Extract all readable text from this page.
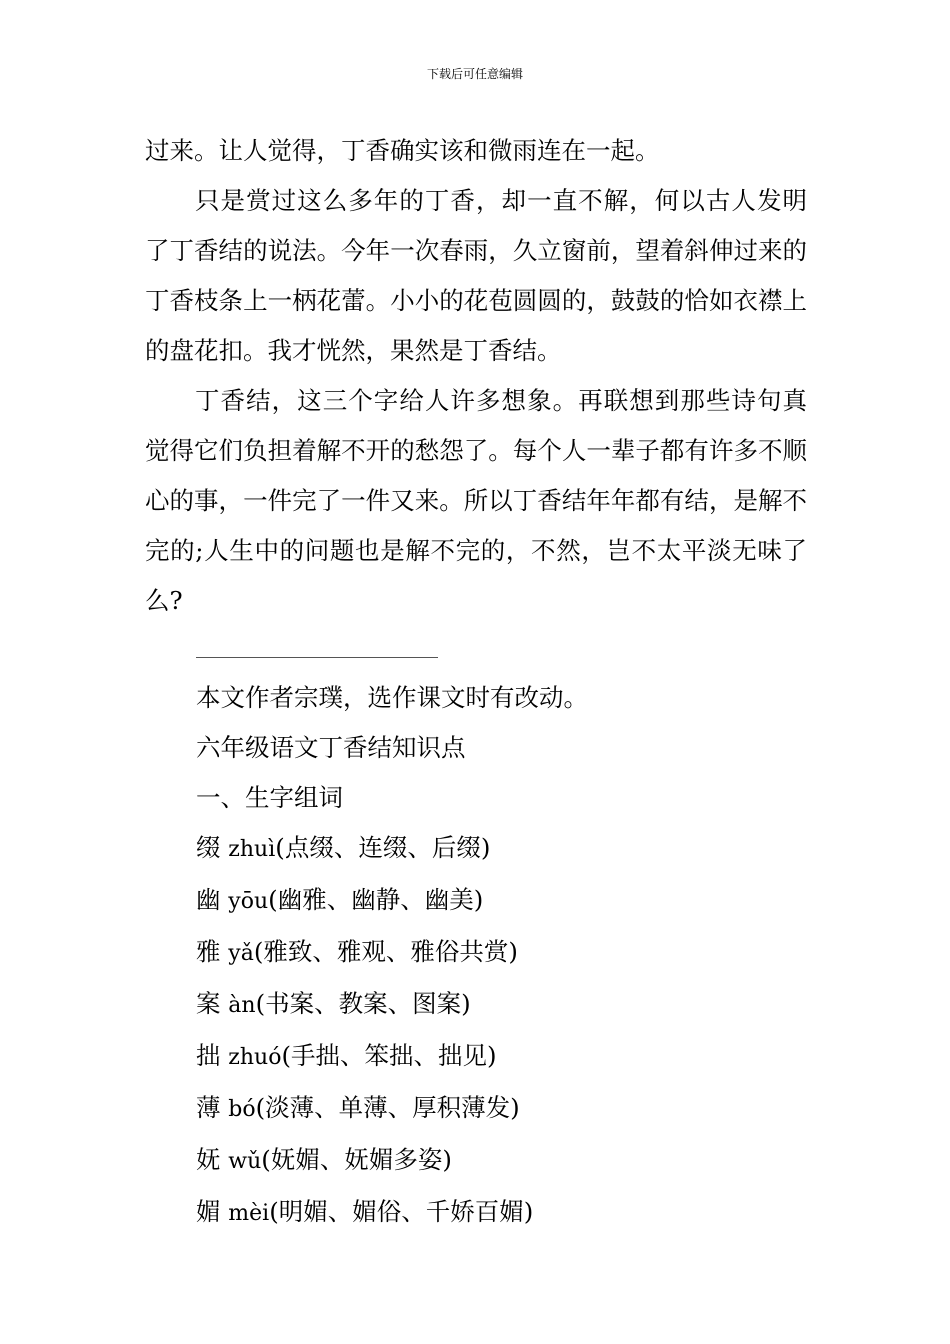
下载后可任意编辑

过来。让人觉得，丁香确实该和微雨连在一起。

只是赏过这么多年的丁香，却一直不解，何以古人发明了丁香结的说法。今年一次春雨，久立窗前，望着斜伸过来的丁香枝条上一柄花蕾。小小的花苞圆圆的，鼓鼓的恰如衣襟上的盘花扣。我才恍然，果然是丁香结。

丁香结，这三个字给人许多想象。再联想到那些诗句真觉得它们负担着解不开的愁怨了。每个人一辈子都有许多不顺心的事，一件完了一件又来。所以丁香结年年都有结，是解不完的;人生中的问题也是解不完的，不然，岂不太平淡无味了么?

本文作者宗璞，选作课文时有改动。

六年级语文丁香结知识点

一、生字组词

缀 zhuì(点缀、连缀、后缀)

幽 yōu(幽雅、幽静、幽美)

雅 yǎ(雅致、雅观、雅俗共赏)

案 àn(书案、教案、图案)

拙 zhuó(手拙、笨拙、拙见)

薄 bó(淡薄、单薄、厚积薄发)

妩 wǔ(妩媚、妩媚多姿)

媚 mèi(明媚、媚俗、千娇百媚)
